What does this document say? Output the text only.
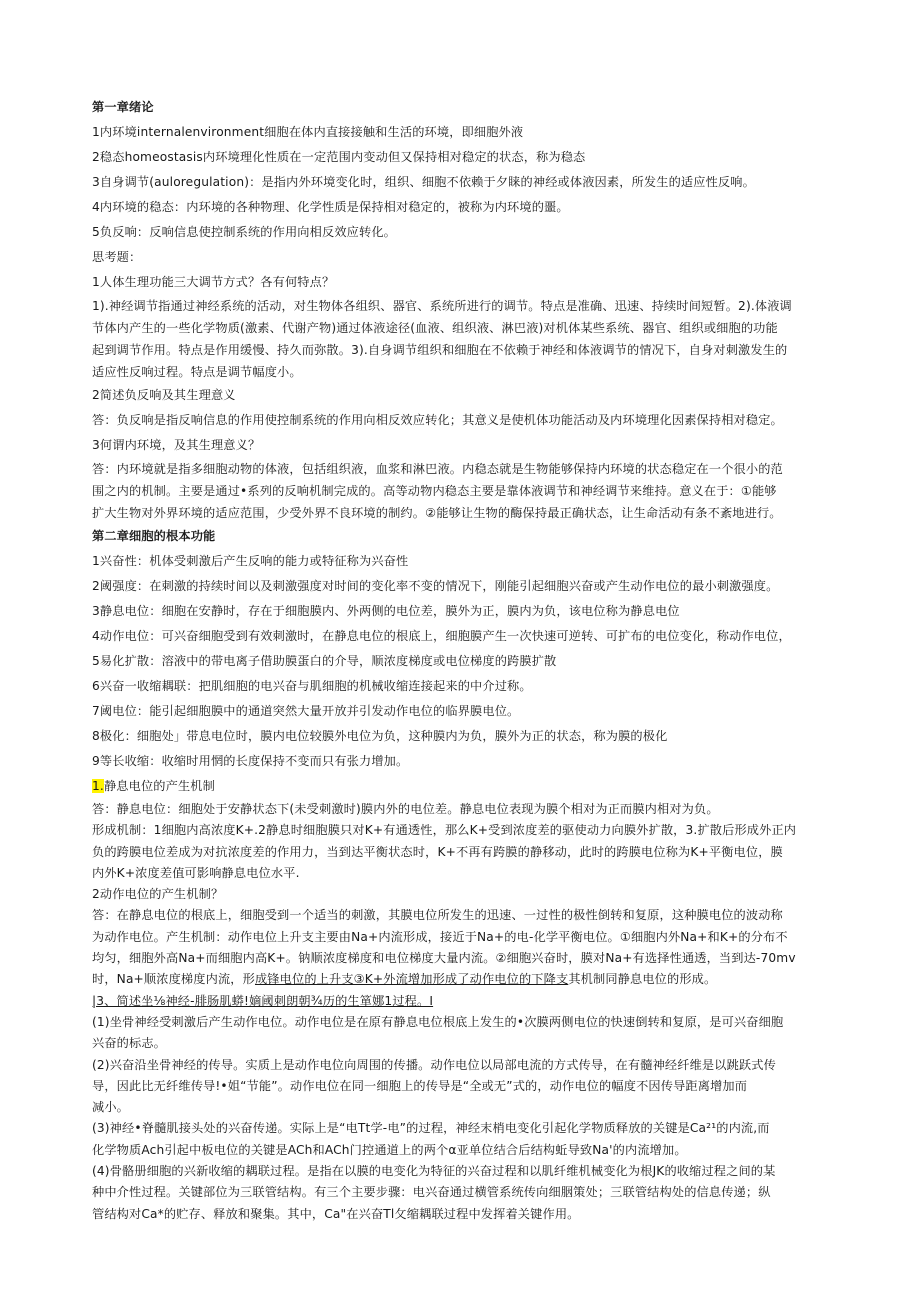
第一章绪论
1内环境internalenvironment细胞在体内直接接触和生活的环境，即细胞外液
2稳态homeostasis内环境理化性质在一定范围内变动但又保持相对稳定的状态，称为稳态
3自身调节(auloregulation)：是指内外环境变化时，组织、细胞不依赖于夕睐的神经或体液因素，所发生的适应性反响。
4内环境的稳态：内环境的各种物理、化学性质是保持相对稳定的，被称为内环境的噩。
5负反响：反响信息使控制系统的作用向相反效应转化。
思考题：
1人体生理功能三大调节方式？各有何特点？

1).神经调节指通过神经系统的活动，对生物体各组织、器官、系统所进行的调节。特点是准确、迅速、持续时间短暂。2).体液调

节体内产生的一些化学物质(激素、代谢产物)通过体液途径(血液、组织液、淋巴液)对机体某些系统、器官、组织或细胞的功能

起到调节作用。特点是作用缓慢、持久而弥散。3).自身调节组织和细胞在不依赖于神经和体液调节的情况下，自身对刺激发生的

适应性反响过程。特点是调节幅度小。

2简述负反响及其生理意义
答：负反响是指反响信息的作用使控制系统的作用向相反效应转化；其意义是使机体功能活动及内环境理化因素保持相对稳定。
3何谓内环境，及其生理意义？

答：内环境就是指多细胞动物的体液，包括组织液，血浆和淋巴液。内稳态就是生物能够保持内环境的状态稳定在一个很小的范

围之内的机制。主要是通过•系列的反响机制完成的。高等动物内稳态主要是靠体液调节和神经调节来维持。意义在于：①能够

扩大生物对外界环境的适应范围，少受外界不良环境的制约。②能够让生物的酶保持最正确状态，让生命活动有条不紊地进行。

第二章细胞的根本功能
1兴奋性：机体受刺激后产生反响的能力或特征称为兴奋性
2阈强度：在刺激的持续时间以及刺激强度对时间的变化率不变的情况下，刚能引起细胞兴奋或产生动作电位的最小刺激强度。
3静息电位：细胞在安静时，存在于细胞膜内、外两侧的电位差，膜外为正，膜内为负，该电位称为静息电位
4动作电位：可兴奋细胞受到有效刺激时，在静息电位的根底上，细胞膜产生一次快速可逆转、可扩布的电位变化，称动作电位，
5易化扩散：溶液中的带电离子借助膜蛋白的介导，顺浓度梯度或电位梯度的跨膜扩散
6兴奋一收缩耦联：把肌细胞的电兴奋与肌细胞的机械收缩连接起来的中介过称。
7阈电位：能引起细胞膜中的通道突然大量开放并引发动作电位的临界膜电位。
8极化：细胞处」带息电位时，膜内电位较膜外电位为负，这种膜内为负，膜外为正的状态，称为膜的极化
9等长收缩：收缩时用惘的长度保持不变而只有张力增加。
1.静息电位的产生机制

答：静息电位：细胞处于安静状态下(未受刺激时)膜内外的电位差。静息电位表现为膜个相对为正而膜内相对为负。

形成机制：1细胞内高浓度K+.2静息时细胞膜只对K+有通透性，那么K+受到浓度差的驱使动力向膜外扩散，3.扩散后形成外正内

负的跨膜电位差成为对抗浓度差的作用力，当到达平衡状态时，K+不再有跨膜的静移动，此时的跨膜电位称为K+平衡电位，膜

内外K+浓度差值可影响静息电位水平.

2动作电位的产生机制？

答：在静息电位的根底上，细胞受到一个适当的刺激，其膜电位所发生的迅速、一过性的极性倒转和复原，这种膜电位的波动称

为动作电位。产生机制：动作电位上升支主要由Na+内流形成，接近于Na+的电-化学平衡电位。①细胞内外Na+和K+的分布不

均匀，细胞外高Na+而细胞内高K+。钠顺浓度梯度和电位梯度大量内流。②细胞兴奋时，膜对Na+有选择性通透，当到达-70mv

时，Na+顺浓度梯度内流，形成锋电位的上升支③K+外流增加形成了动作电位的下降支其机制同静息电位的形成。

|3、简述坐⅛神经-腓肠肌蟒!嫡阈刺朗朝¾历的生箪娜1过程。I

(1)坐骨神经受刺激后产生动作电位。动作电位是在原有静息电位根底上发生的•次膜两侧电位的快速倒转和复原，是可兴奋细胞

兴奋的标志。

(2)兴奋沿坐骨神经的传导。实质上是动作电位向周围的传播。动作电位以局部电流的方式传导，在有髓神经纤维是以跳跃式传

导，因此比无纤维传导!•姐“节能”。动作电位在同一细胞上的传导是“全或无”式的，动作电位的幅度不因传导距离增加而

减小。

(3)神经•脊髓肌接头处的兴奋传递。实际上是“电Tt学-电”的过程，神经末梢电变化引起化学物质释放的关键是Ca²¹的内流,而

化学物质Ach引起中板电位的关键是ACh和ACh门控通道上的两个α亚单位结合后结构蚯导致Na'的内流增加。

(4)骨骼册细胞的兴新收缩的耦联过程。是指在以膜的电变化为特征的兴奋过程和以肌纤维机械变化为根JK的收缩过程之间的某

种中介性过程。关键部位为三联管结构。有三个主要步骤：电兴奋通过横管系统传向细胭策处；三联管结构处的信息传递；纵

管结构对Ca*的贮存、释放和聚集。其中，Ca"在兴奋Tl攵缩耦联过程中发挥着关键作用。
